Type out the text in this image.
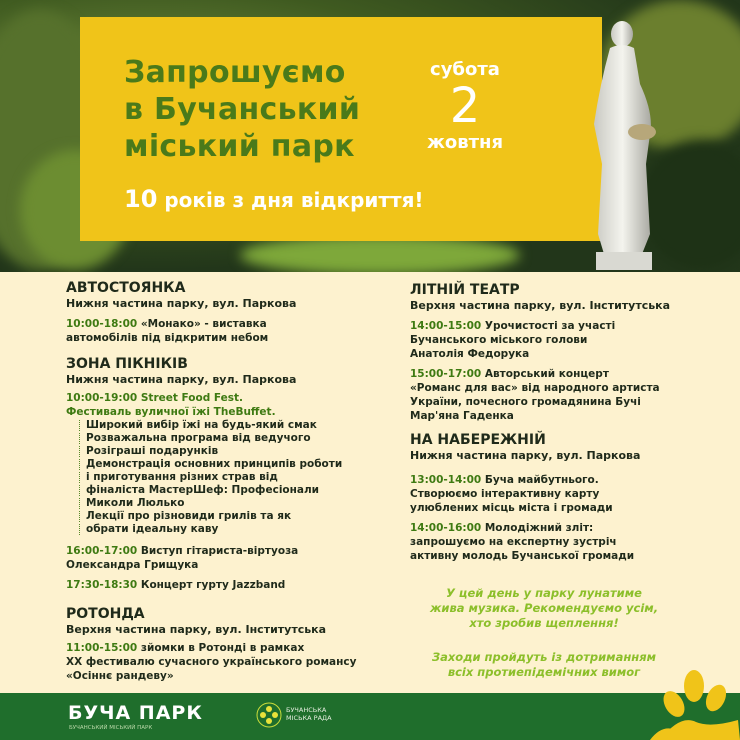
Запрошуємо
в Бучанський
міський парк
субота
2
жовтня
10 років з дня відкриття!
АВТОСТОЯНКА
Нижня частина парку, вул. Паркова
10:00-18:00 «Монако» - виставка
автомобілів під відкритим небом
ЗОНА ПІКНІКІВ
Нижня частина парку, вул. Паркова
10:00-19:00 Street Food Fest.
Фестиваль вуличної їжі TheBuffet.
Широкий вибір їжі на будь-який смак
Розважальна програма від ведучого
Розіграші подарунків
Демонстрація основних принципів роботи
і приготування різних страв від
фіналіста МастерШеф: Професіонали
Миколи Люлько
Лекції про різновиди грилів та як
обрати ідеальну каву
16:00-17:00 Виступ гітариста-віртуоза
Олександра Грищука
17:30-18:30 Концерт гурту Jazzband
РОТОНДА
Верхня частина парку, вул. Інститутська
11:00-15:00 зйомки в Ротонді в рамках
ХХ фестивалю сучасного українського романсу
«Осіннє рандеву»
ЛІТНІЙ ТЕАТР
Верхня частина парку, вул. Інститутська
14:00-15:00 Урочистості за участі
Бучанського міського голови
Анатолія Федорука
15:00-17:00 Авторський концерт
«Романс для вас» від народного артиста
України, почесного громадянина Бучі
Мар'яна Гаденка
НА НАБЕРЕЖНІЙ
Нижня частина парку, вул. Паркова
13:00-14:00 Буча майбутнього.
Створюємо інтерактивну карту
улюблених місць міста і громади
14:00-16:00 Молодіжний зліт:
запрошуємо на експертну зустріч
активну молодь Бучанської громади
У цей день у парку лунатиме
жива музика. Рекомендуємо усім,
хто зробив щеплення!
Заходи пройдуть із дотриманням
всіх протиепідемічних вимог
БУЧА ПАРК
БУЧАНСЬКИЙ МІСЬКИЙ ПАРК
БУЧАНСЬКА
МІСЬКА РАДА
